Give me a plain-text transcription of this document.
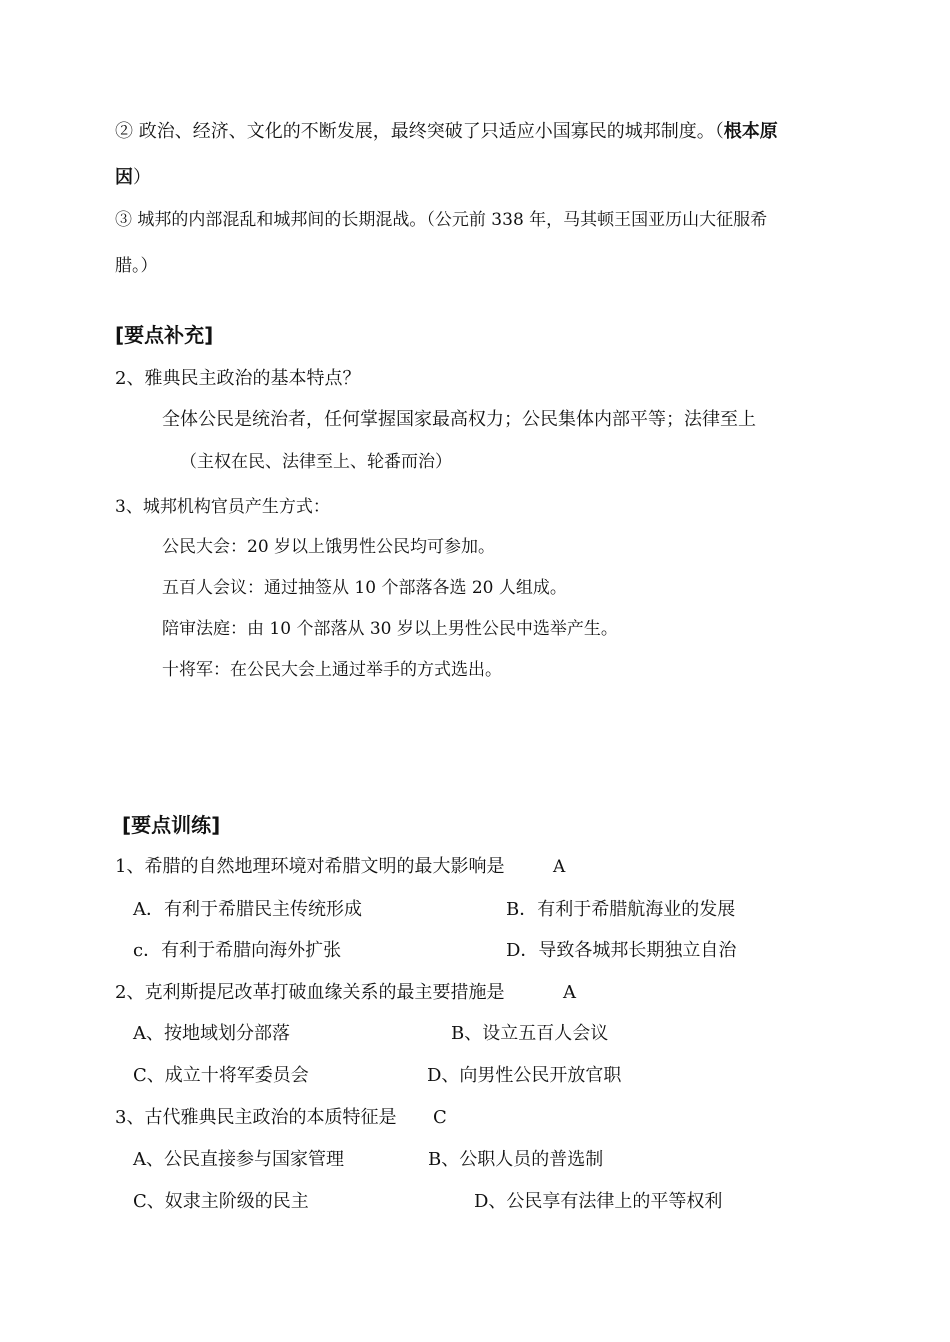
② 政治、经济、文化的不断发展，最终突破了只适应小国寡民的城邦制度。（根本原
因）
③ 城邦的内部混乱和城邦间的长期混战。（公元前 338 年，马其顿王国亚历山大征服希
腊。）
[要点补充]
2、雅典民主政治的基本特点？
全体公民是统治者，任何掌握国家最高权力；公民集体内部平等；法律至上
（主权在民、法律至上、轮番而治）
3、城邦机构官员产生方式：
公民大会：20 岁以上饿男性公民均可参加。
五百人会议：通过抽签从 10 个部落各选 20 人组成。
陪审法庭：由 10 个部落从 30 岁以上男性公民中选举产生。
十将军：在公民大会上通过举手的方式选出。
[要点训练]
1、希腊的自然地理环境对希腊文明的最大影响是	A
A．有利于希腊民主传统形成	B．有利于希腊航海业的发展
c．有利于希腊向海外扩张	D．导致各城邦长期独立自治
2、克利斯提尼改革打破血缘关系的最主要措施是	A
A、按地域划分部落	B、设立五百人会议
C、成立十将军委员会	D、向男性公民开放官职
3、古代雅典民主政治的本质特征是 C
A、公民直接参与国家管理	B、公职人员的普选制
C、奴隶主阶级的民主	D、公民享有法律上的平等权利
